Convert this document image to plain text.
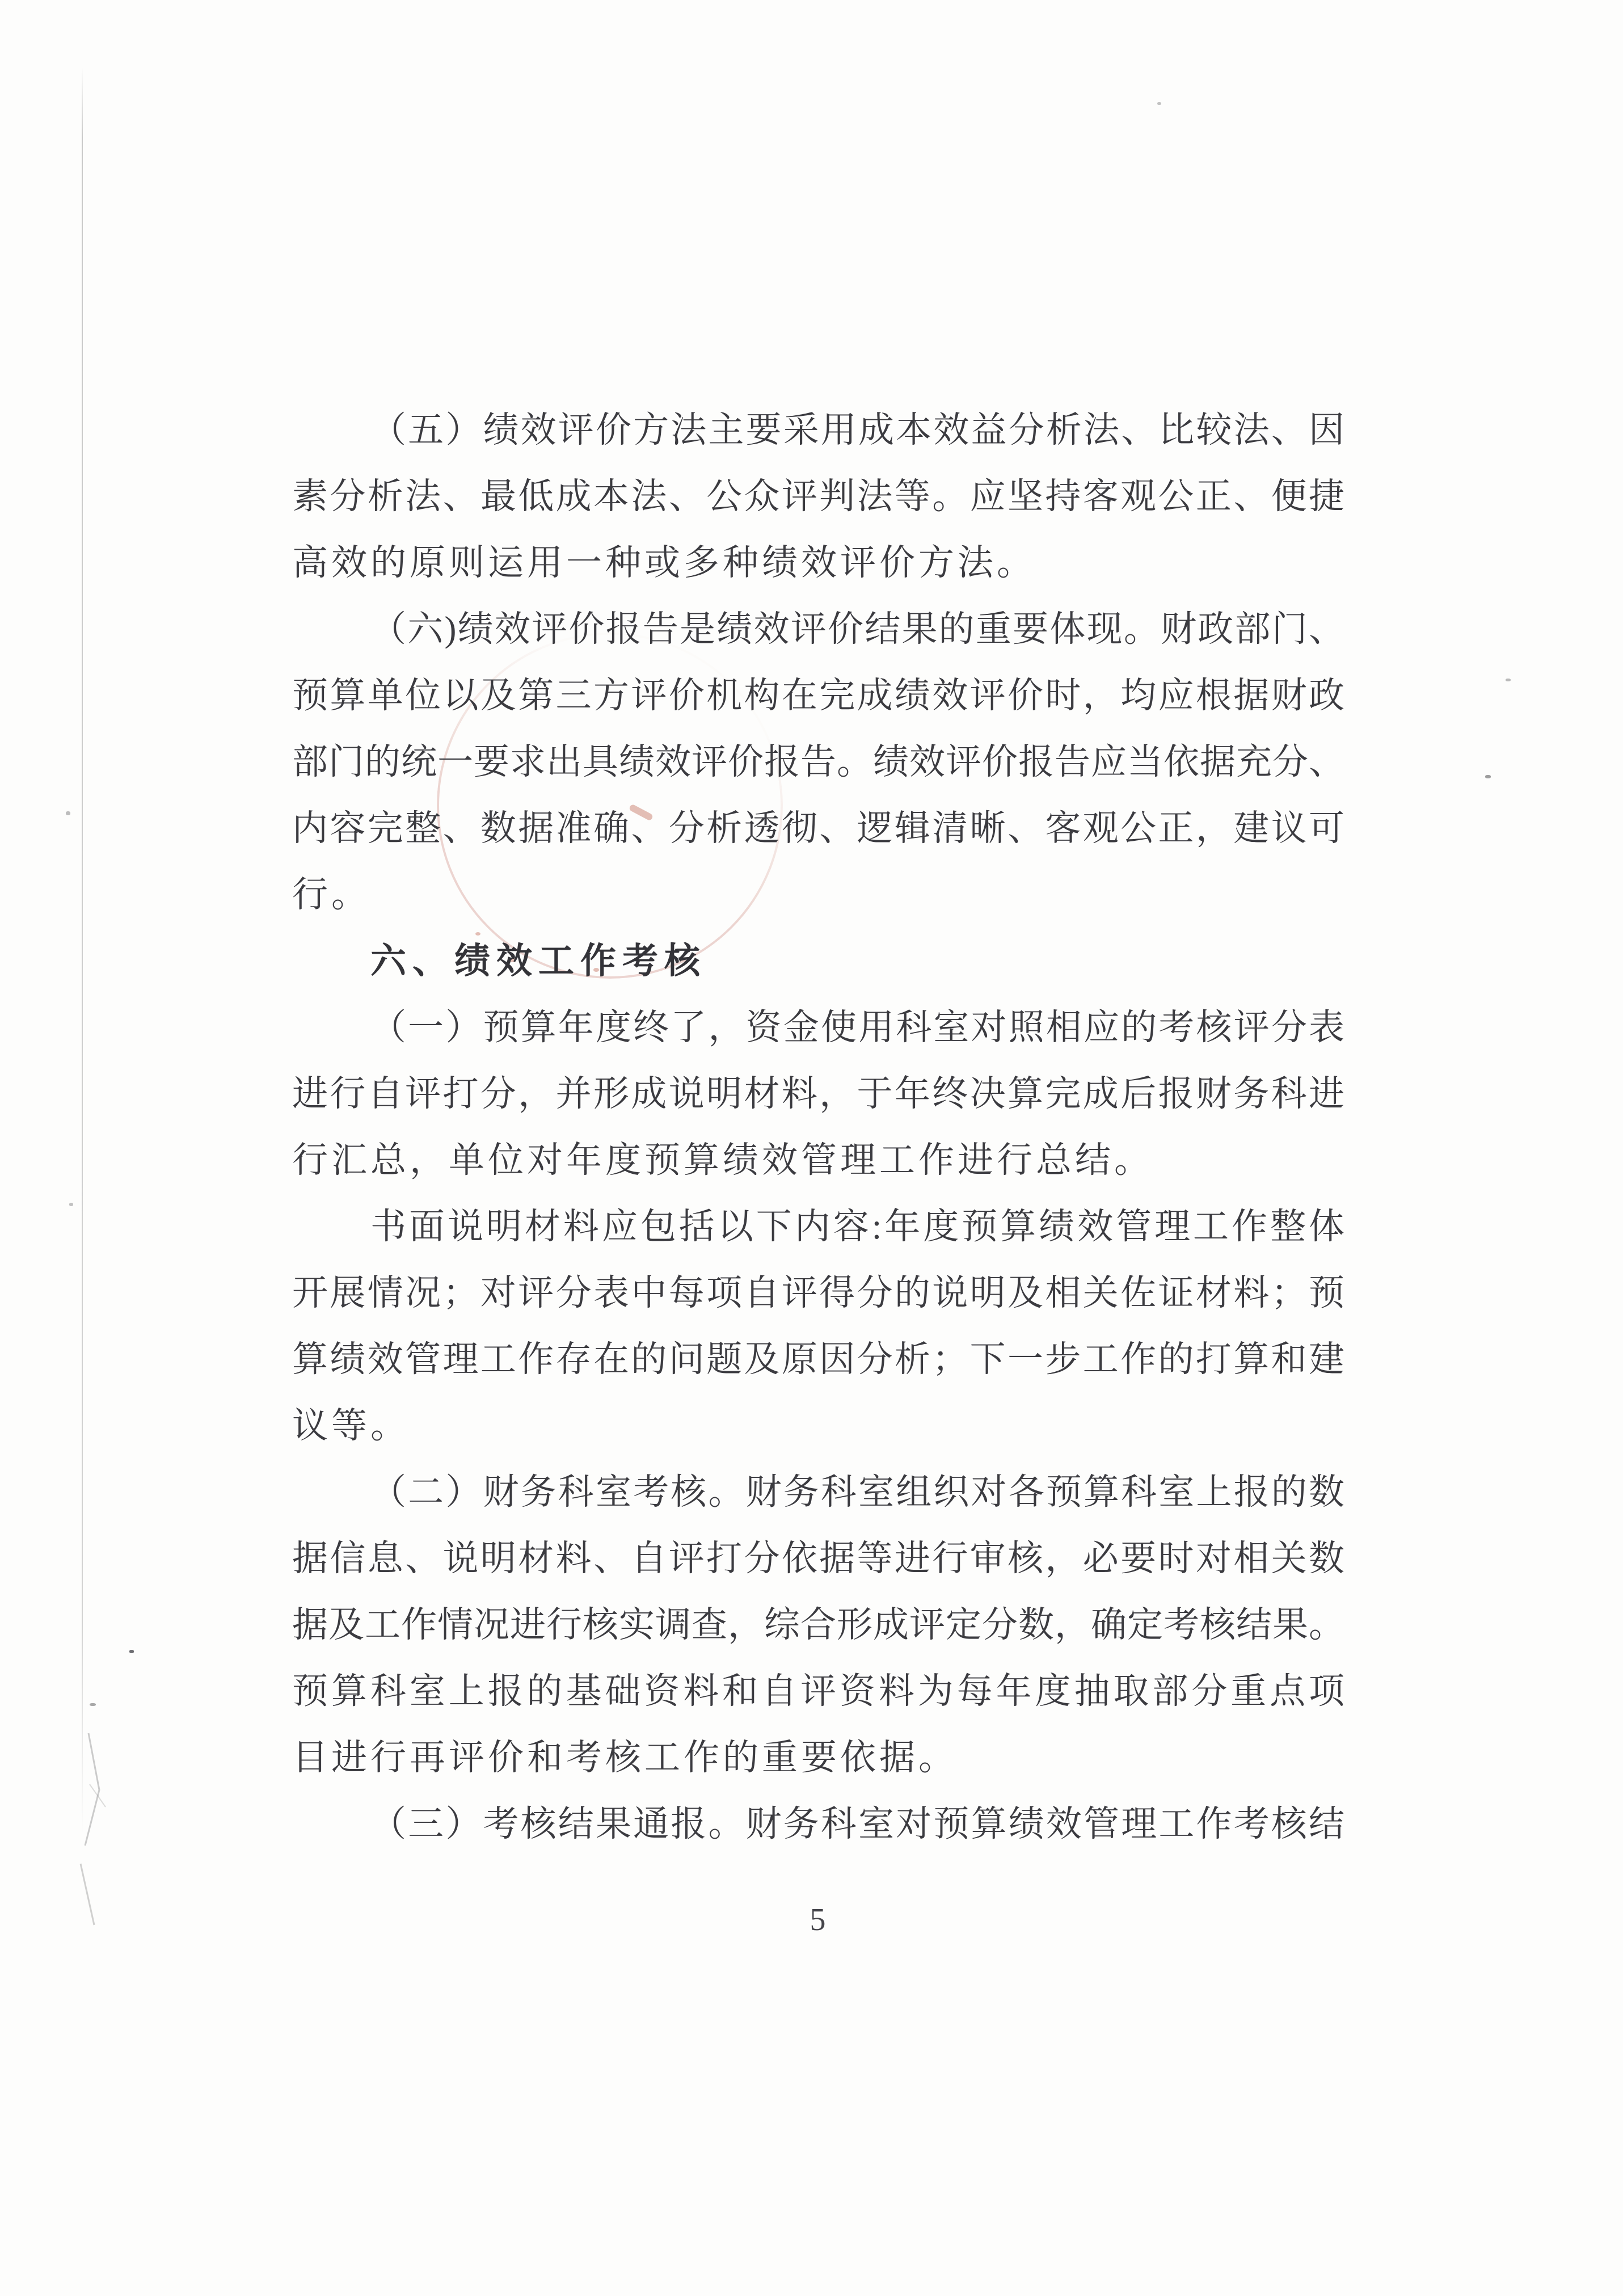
（五）绩效评价方法主要采用成本效益分析法、比较法、因
素分析法、最低成本法、公众评判法等。应坚持客观公正、便捷
高效的原则运用一种或多种绩效评价方法。
（六)绩效评价报告是绩效评价结果的重要体现。财政部门、
预算单位以及第三方评价机构在完成绩效评价时，均应根据财政
部门的统一要求出具绩效评价报告。绩效评价报告应当依据充分、
内容完整、数据准确、分析透彻、逻辑清晰、客观公正，建议可
行。
六、绩效工作考核
（一）预算年度终了，资金使用科室对照相应的考核评分表
进行自评打分，并形成说明材料，于年终决算完成后报财务科进
行汇总，单位对年度预算绩效管理工作进行总结。
书面说明材料应包括以下内容:年度预算绩效管理工作整体
开展情况；对评分表中每项自评得分的说明及相关佐证材料；预
算绩效管理工作存在的问题及原因分析；下一步工作的打算和建
议等。
（二）财务科室考核。财务科室组织对各预算科室上报的数
据信息、说明材料、自评打分依据等进行审核，必要时对相关数
据及工作情况进行核实调查，综合形成评定分数，确定考核结果。
预算科室上报的基础资料和自评资料为每年度抽取部分重点项
目进行再评价和考核工作的重要依据。
（三）考核结果通报。财务科室对预算绩效管理工作考核结
5
